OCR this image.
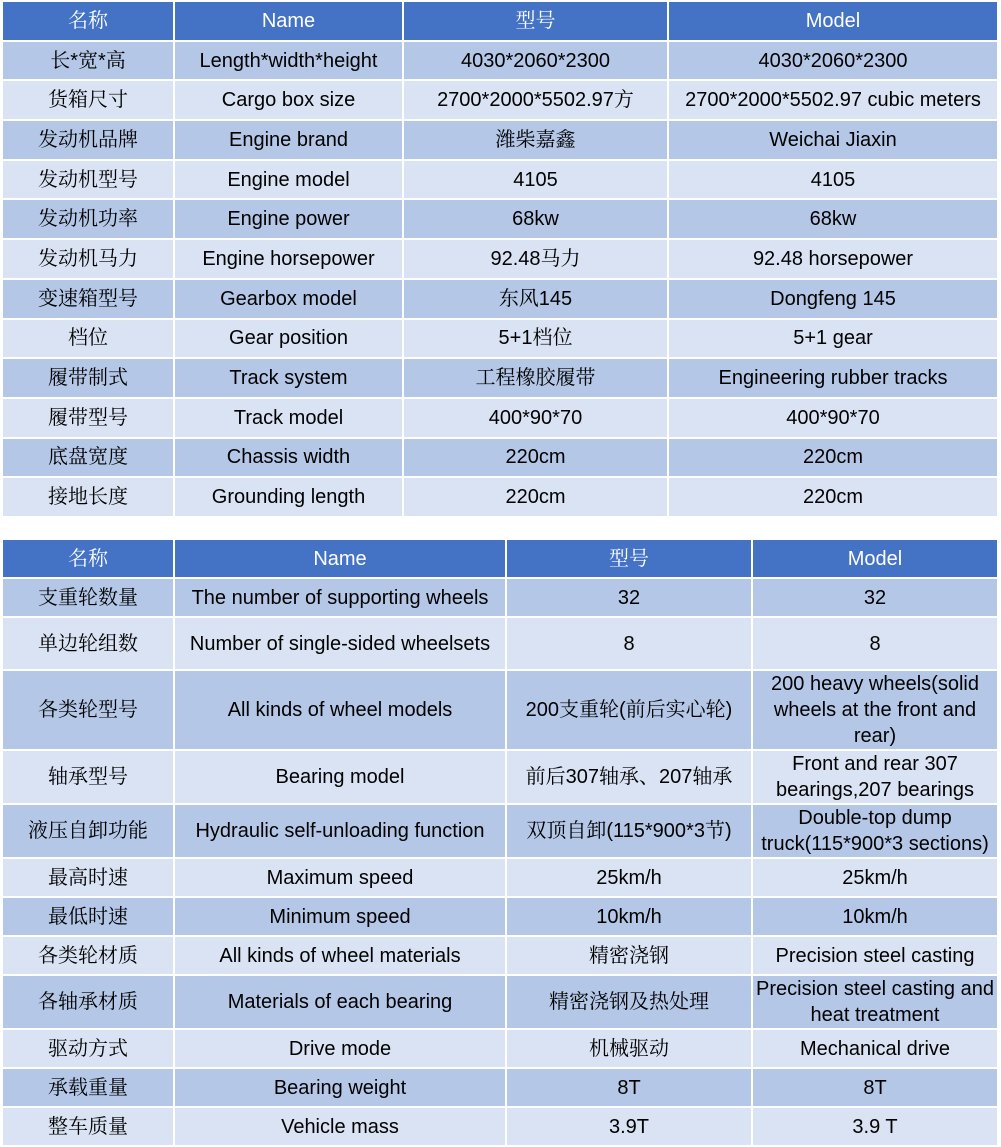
名称	Name	型号	Model
长*宽*高	Length*width*height	4030*2060*2300	4030*2060*2300
货箱尺寸	Cargo box size	2700*2000*5502.97方	2700*2000*5502.97 cubic meters
发动机品牌	Engine brand	潍柴嘉鑫	Weichai Jiaxin
发动机型号	Engine model	4105	4105
发动机功率	Engine power	68kw	68kw
发动机马力	Engine horsepower	92.48马力	92.48 horsepower
变速箱型号	Gearbox model	东风145	Dongfeng 145
档位	Gear position	5+1档位	5+1 gear
履带制式	Track system	工程橡胶履带	Engineering rubber tracks
履带型号	Track model	400*90*70	400*90*70
底盘宽度	Chassis width	220cm	220cm
接地长度	Grounding length	220cm	220cm
名称	Name	型号	Model
支重轮数量	The number of supporting wheels	32	32
单边轮组数	Number of single-sided wheelsets	8	8
各类轮型号	All kinds of wheel models	200支重轮(前后实心轮)	200 heavy wheels(solid wheels at the front and rear)
轴承型号	Bearing model	前后307轴承、207轴承	Front and rear 307 bearings,207 bearings
液压自卸功能	Hydraulic self-unloading function	双顶自卸(115*900*3节)	Double-top dump truck(115*900*3 sections)
最高时速	Maximum speed	25km/h	25km/h
最低时速	Minimum speed	10km/h	10km/h
各类轮材质	All kinds of wheel materials	精密浇钢	Precision steel casting
各轴承材质	Materials of each bearing	精密浇钢及热处理	Precision steel casting and heat treatment
驱动方式	Drive mode	机械驱动	Mechanical drive
承载重量	Bearing weight	8T	8T
整车质量	Vehicle mass	3.9T	3.9 T
